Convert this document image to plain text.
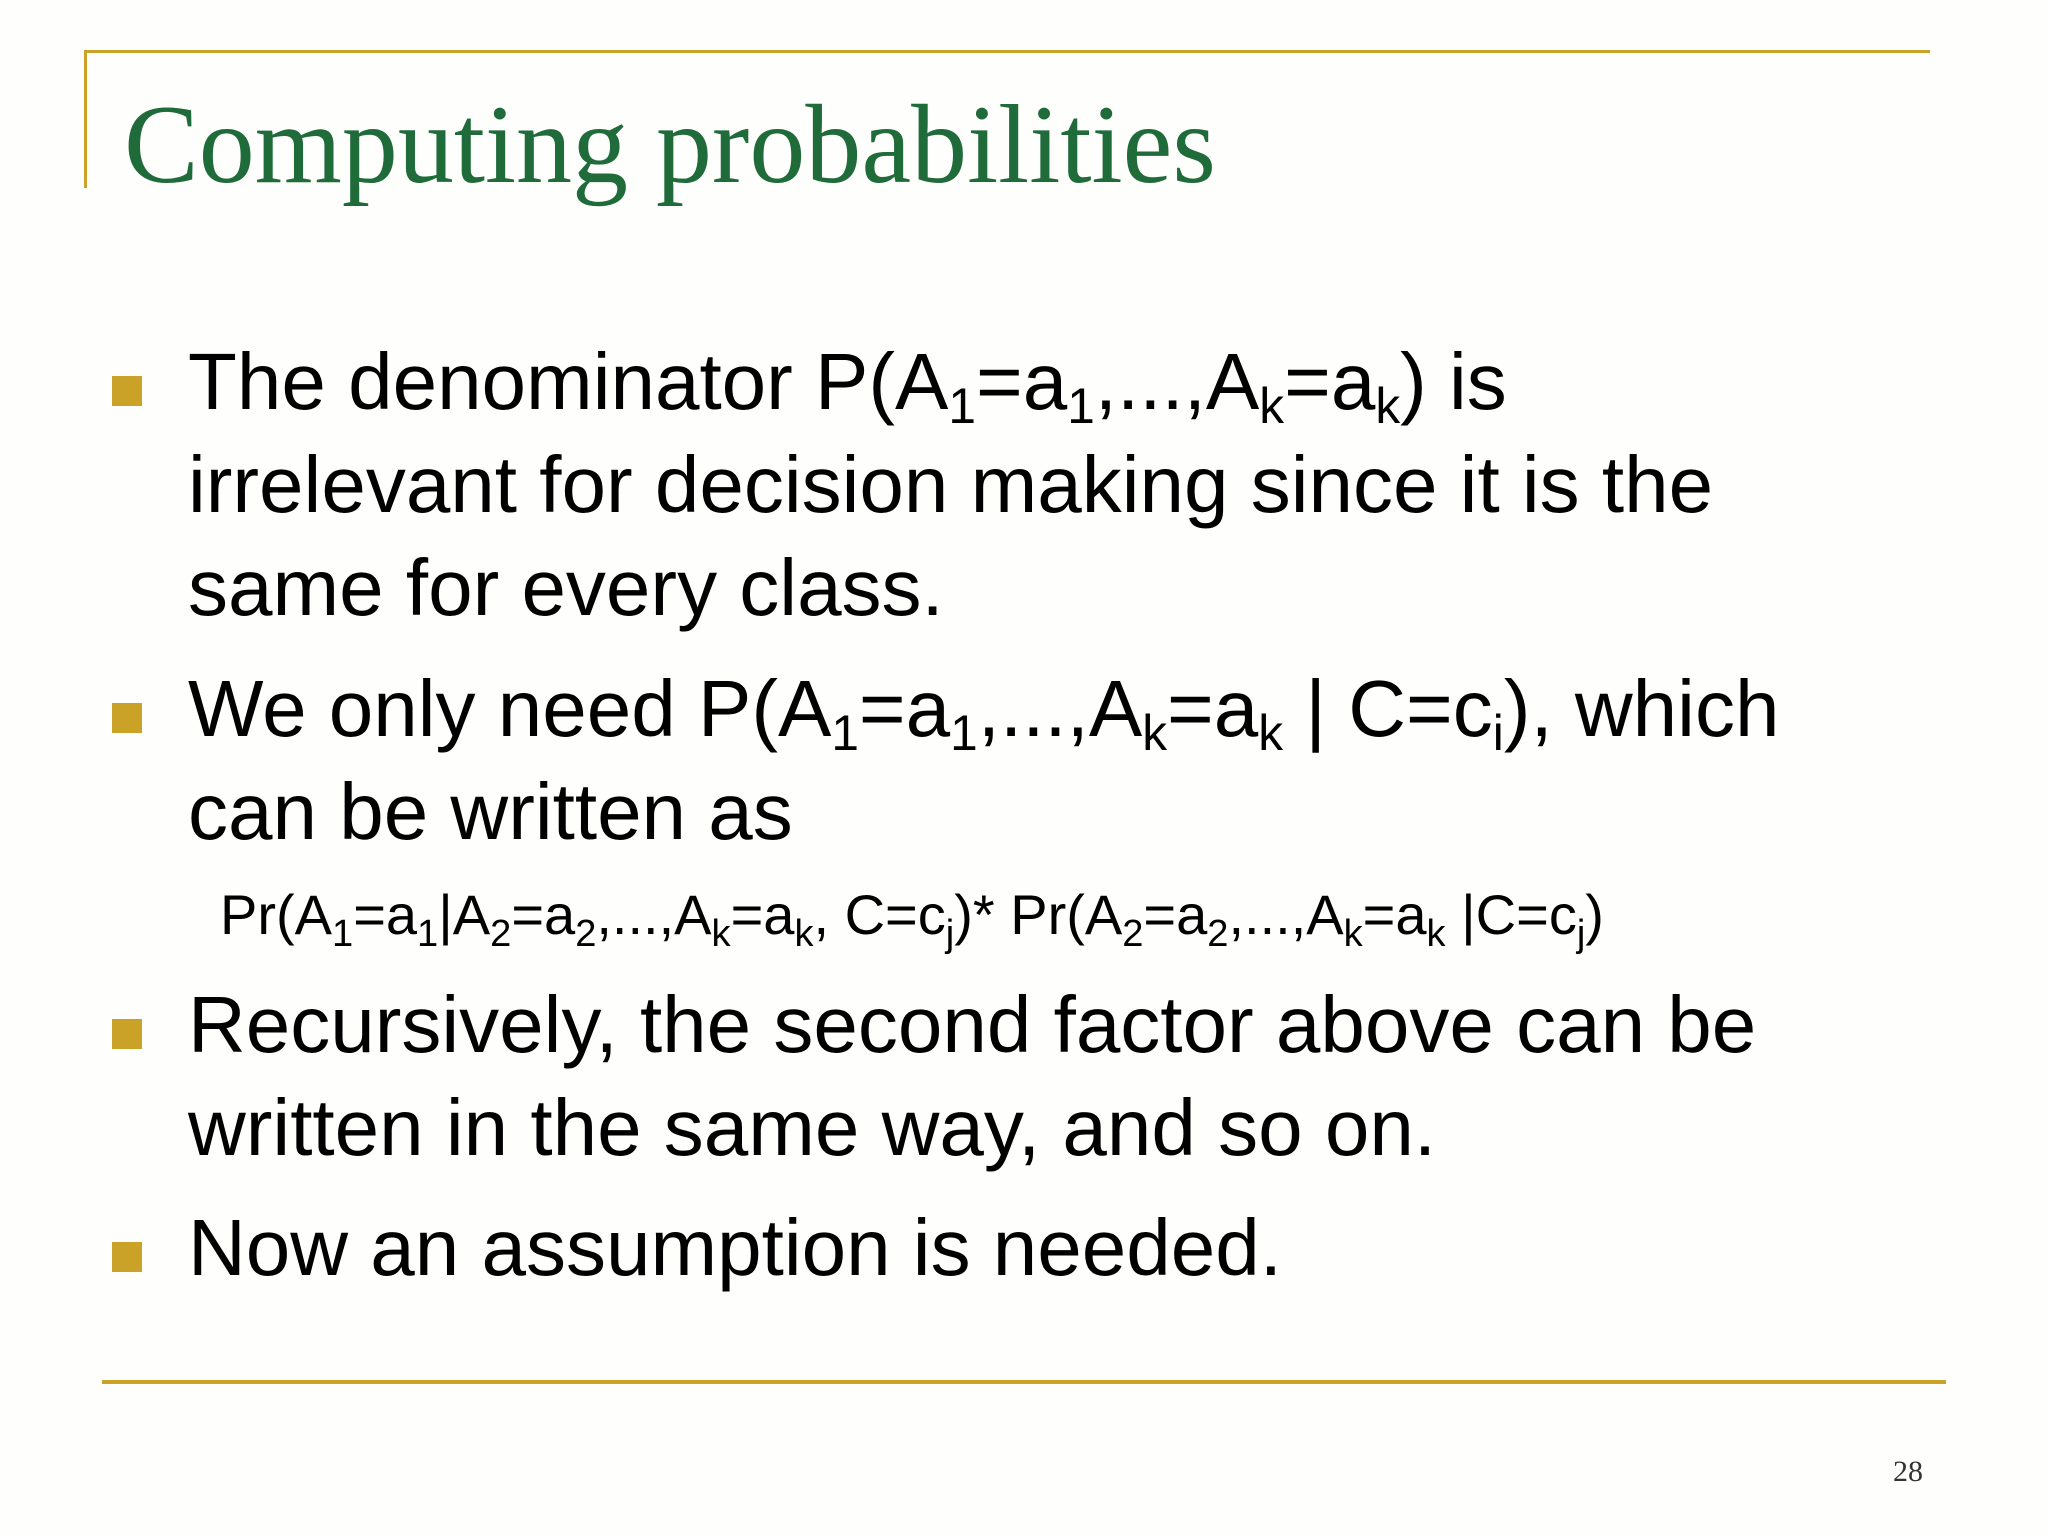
Computing probabilities
The denominator $P(A_1=a_1,...,A_k=a_k)$ is
irrelevant for decision making since it is the
same for every class.
We only need $P(A_1=a_1,...,A_k=a_k$ | $C=c_i$), which
can be written as
$Pr(A_1=a_1|A_2=a_2,...,A_k=a_k$, $C=c_j)*$ $Pr(A_2=a_2,...,A_k=a_k$ $|C=c_j$)
Recursively, the second factor above can be
written in the same way, and so on.
Now an assumption is needed.
28
